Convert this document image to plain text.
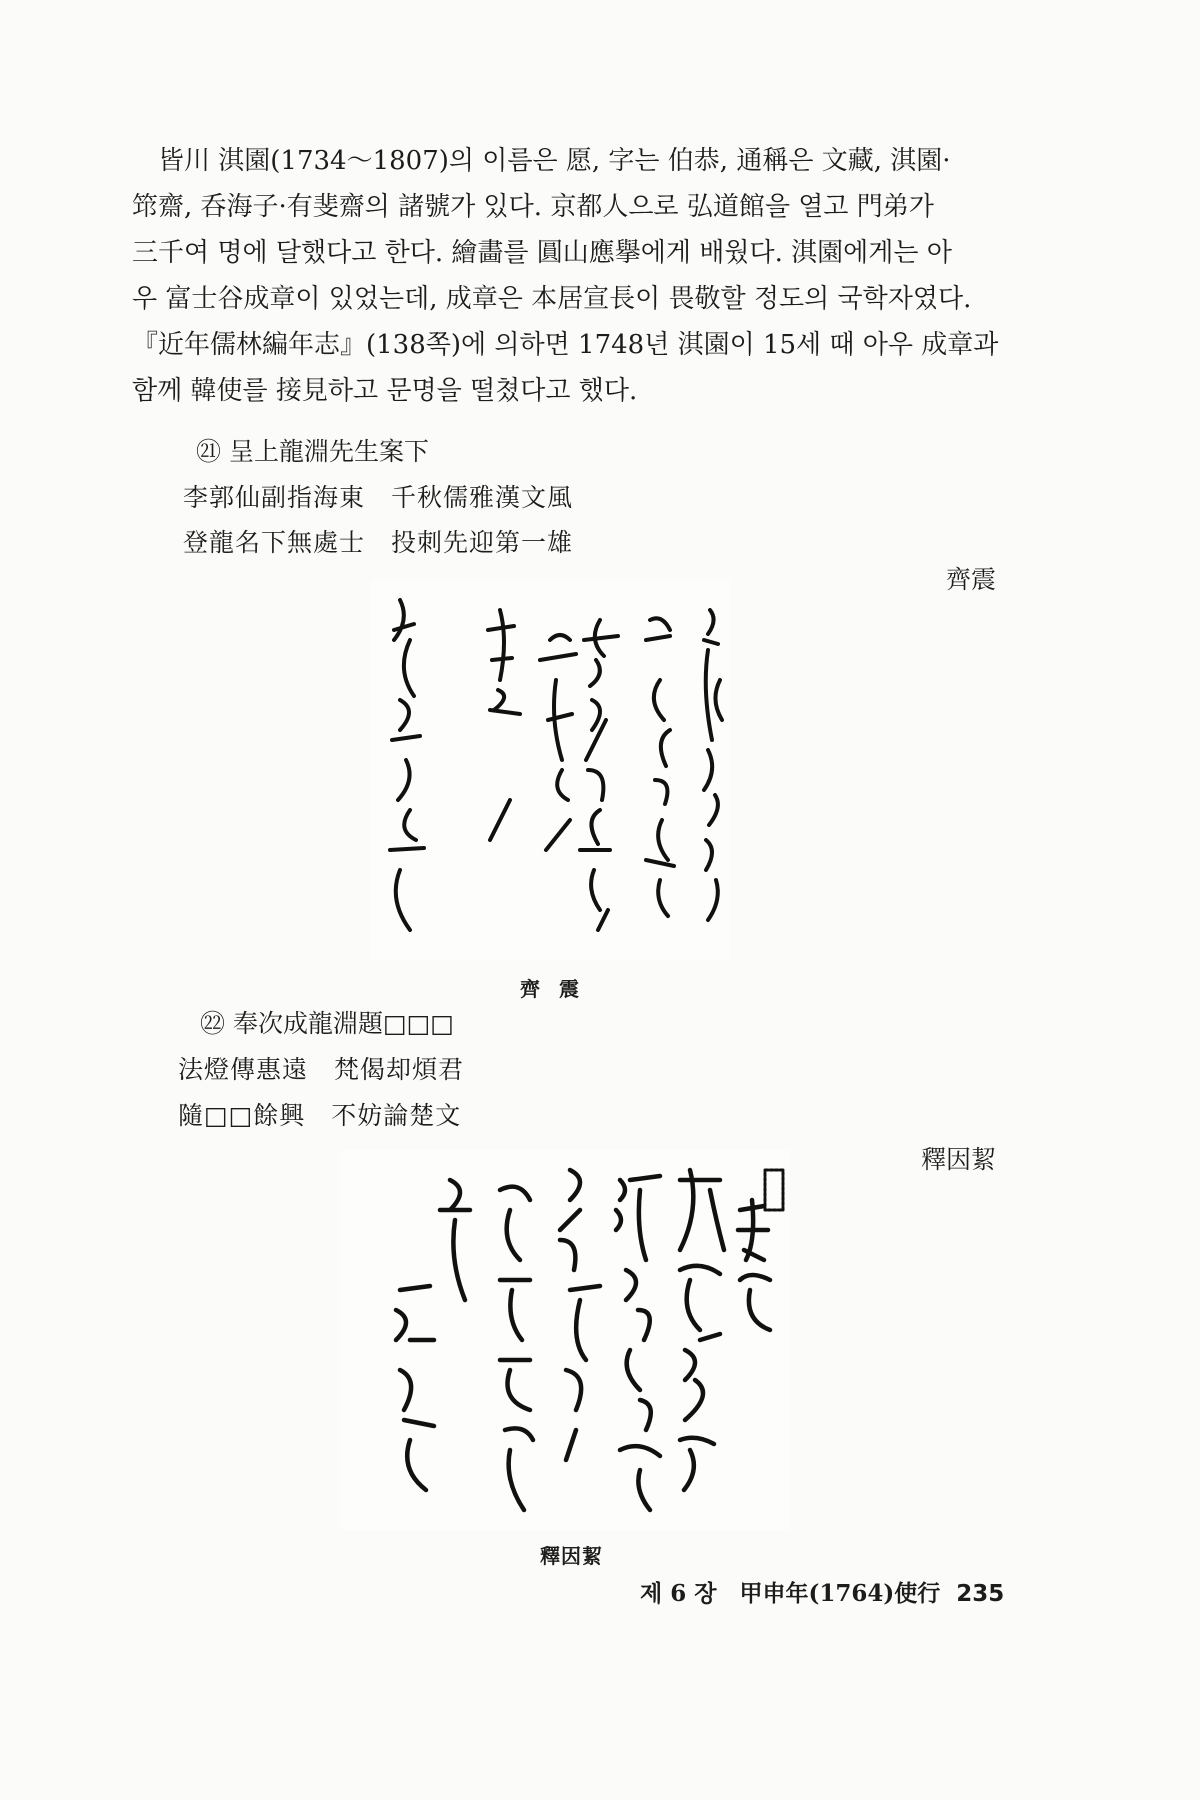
皆川 淇園(1734～1807)의 이름은 愿, 字는 伯恭, 通稱은 文藏, 淇園·

筇齋, 呑海子·有斐齋의 諸號가 있다. 京都人으로 弘道館을 열고 門弟가

三千여 명에 달했다고 한다. 繪畵를 圓山應擧에게 배웠다. 淇園에게는 아

우 富士谷成章이 있었는데, 成章은 本居宣長이 畏敬할 정도의 국학자였다.

『近年儒林編年志』(138쪽)에 의하면 1748년 淇園이 15세 때 아우 成章과

함께 韓使를 接見하고 문명을 떨쳤다고 했다.

㉑ 呈上龍淵先生案下
李郭仙副指海東　千秋儒雅漢文風
登龍名下無處士　投刺先迎第一雄
齊震
齊 震
㉒ 奉次成龍淵題□□□
法燈傳惠遠　梵偈却煩君
隨□□餘興　不妨論楚文
釋因絜
釋因絜
제 6 장　甲申年(1764)使行 235
